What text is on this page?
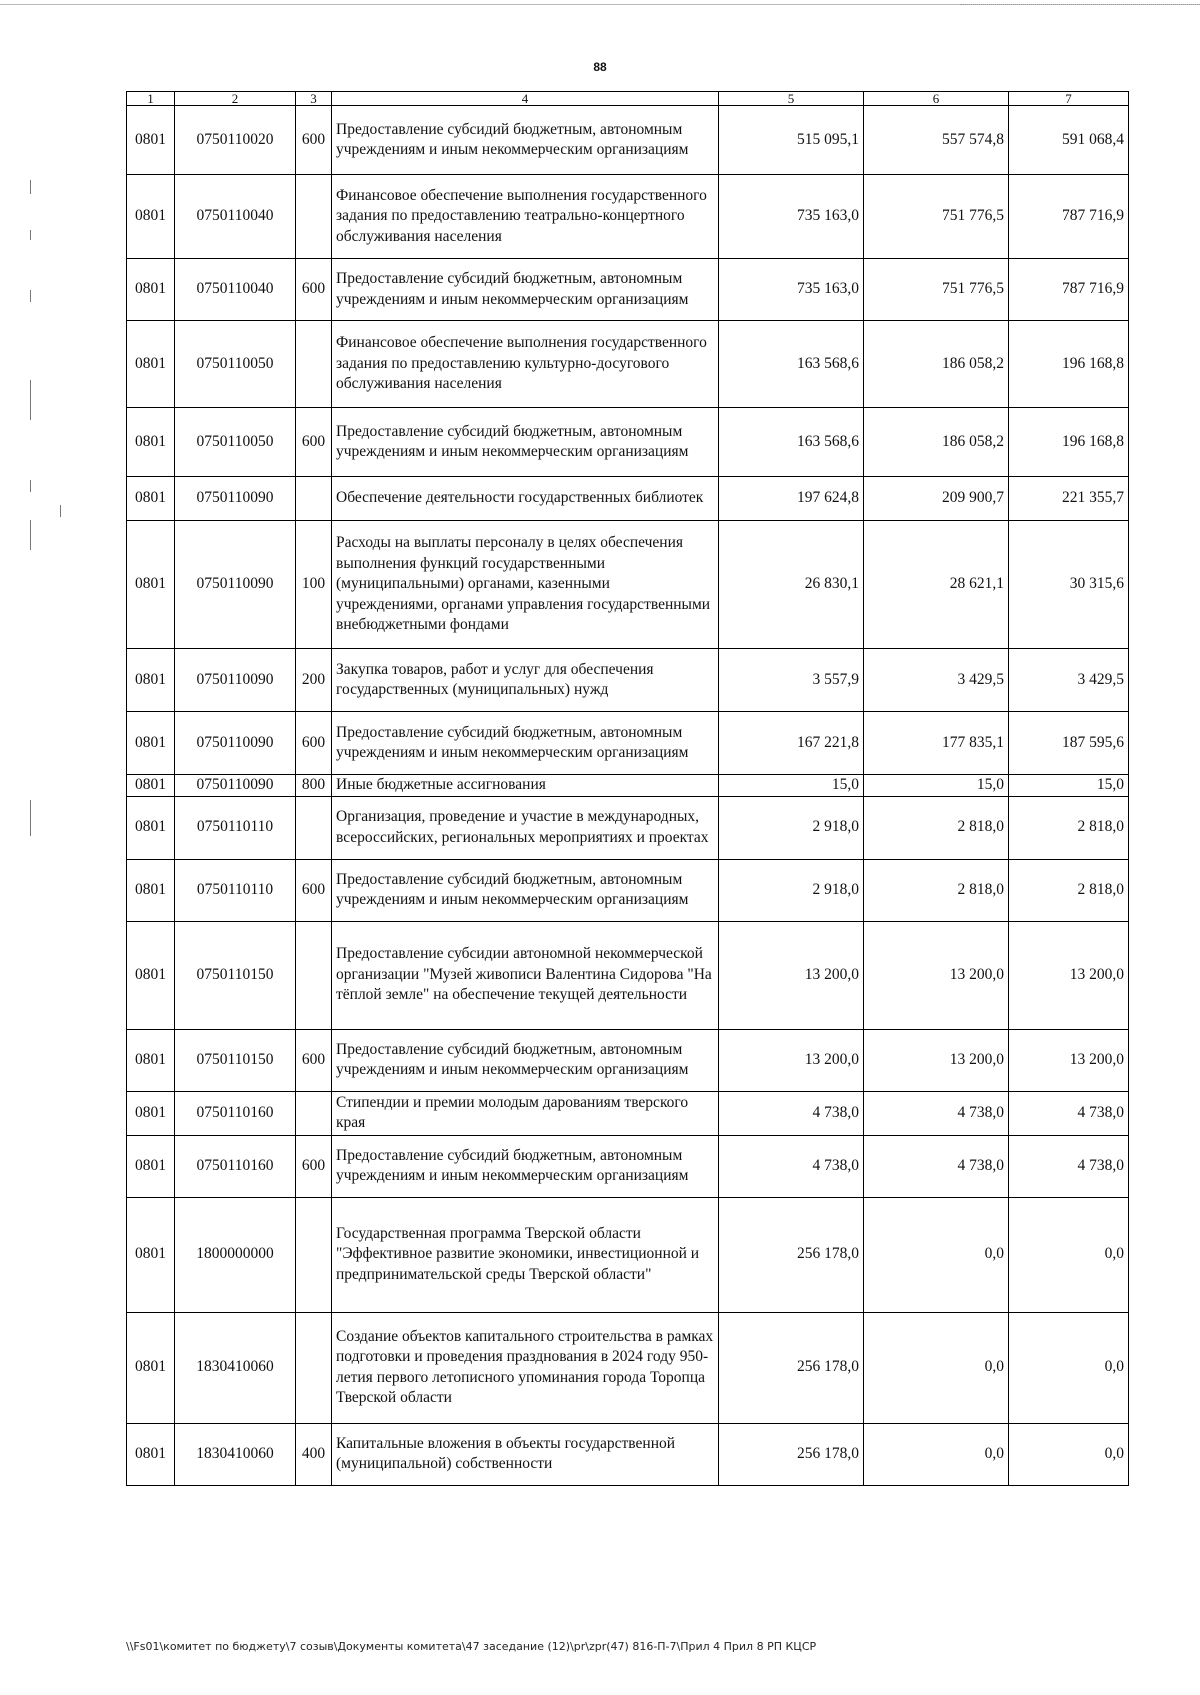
88
1	2	3	4	5	6	7
0801	0750110020	600	Предоставление субсидий бюджетным, автономным учреждениям и иным некоммерческим организациям	515 095,1	557 574,8	591 068,4
0801	0750110040		Финансовое обеспечение выполнения государственного задания по предоставлению театрально-концертного обслуживания населения	735 163,0	751 776,5	787 716,9
0801	0750110040	600	Предоставление субсидий бюджетным, автономным учреждениям и иным некоммерческим организациям	735 163,0	751 776,5	787 716,9
0801	0750110050		Финансовое обеспечение выполнения государственного задания по предоставлению культурно-досугового обслуживания населения	163 568,6	186 058,2	196 168,8
0801	0750110050	600	Предоставление субсидий бюджетным, автономным учреждениям и иным некоммерческим организациям	163 568,6	186 058,2	196 168,8
0801	0750110090		Обеспечение деятельности государственных библиотек	197 624,8	209 900,7	221 355,7
0801	0750110090	100	Расходы на выплаты персоналу в целях обеспечения выполнения функций государственными (муниципальными) органами, казенными учреждениями, органами управления государственными внебюджетными фондами	26 830,1	28 621,1	30 315,6
0801	0750110090	200	Закупка товаров, работ и услуг для обеспечения государственных (муниципальных) нужд	3 557,9	3 429,5	3 429,5
0801	0750110090	600	Предоставление субсидий бюджетным, автономным учреждениям и иным некоммерческим организациям	167 221,8	177 835,1	187 595,6
0801	0750110090	800	Иные бюджетные ассигнования	15,0	15,0	15,0
0801	0750110110		Организация, проведение и участие в международных, всероссийских, региональных мероприятиях и проектах	2 918,0	2 818,0	2 818,0
0801	0750110110	600	Предоставление субсидий бюджетным, автономным учреждениям и иным некоммерческим организациям	2 918,0	2 818,0	2 818,0
0801	0750110150		Предоставление субсидии автономной некоммерческой организации "Музей живописи Валентина Сидорова "На тёплой земле" на обеспечение текущей деятельности	13 200,0	13 200,0	13 200,0
0801	0750110150	600	Предоставление субсидий бюджетным, автономным учреждениям и иным некоммерческим организациям	13 200,0	13 200,0	13 200,0
0801	0750110160		Стипендии и премии молодым дарованиям тверского края	4 738,0	4 738,0	4 738,0
0801	0750110160	600	Предоставление субсидий бюджетным, автономным учреждениям и иным некоммерческим организациям	4 738,0	4 738,0	4 738,0
0801	1800000000		Государственная программа Тверской области "Эффективное развитие экономики, инвестиционной и предпринимательской среды Тверской области"	256 178,0	0,0	0,0
0801	1830410060		Создание объектов капитального строительства в рамках подготовки и проведения празднования в 2024 году 950-летия первого летописного упоминания города Торопца Тверской области	256 178,0	0,0	0,0
0801	1830410060	400	Капитальные вложения в объекты государственной (муниципальной) собственности	256 178,0	0,0	0,0
\\Fs01\комитет по бюджету\7 созыв\Документы комитета\47 заседание (12)\pr\zpr(47) 816-П-7\Прил 4 Прил 8 РП КЦСР
